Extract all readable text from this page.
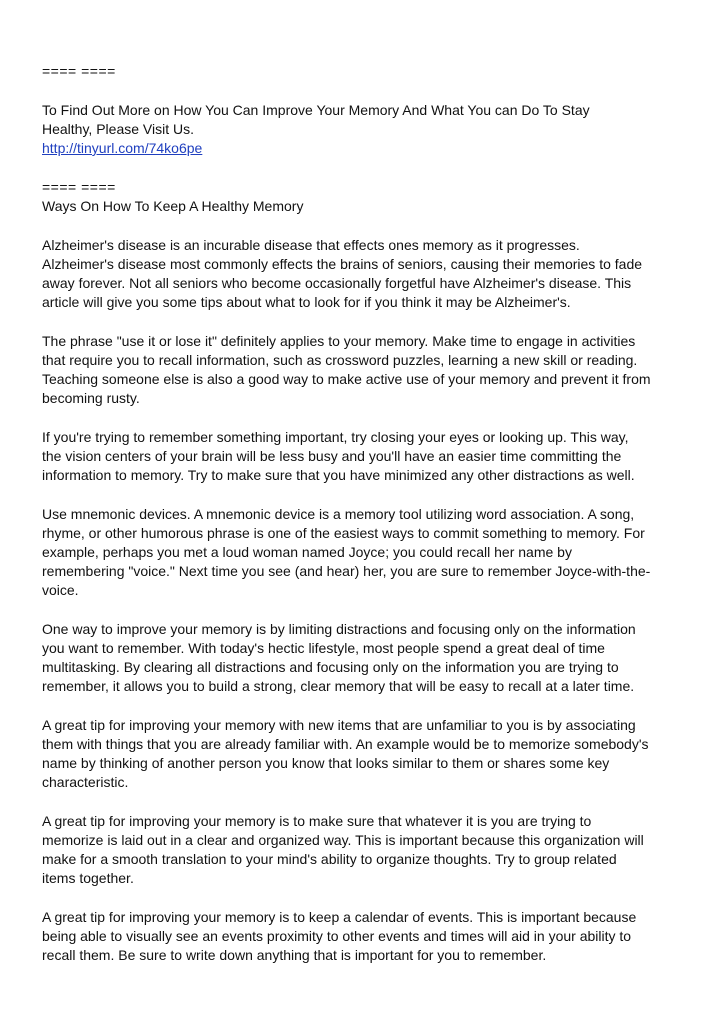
==== ====
To Find Out More on How You Can Improve Your Memory And What You can Do To Stay
Healthy, Please Visit Us.
http://tinyurl.com/74ko6pe
==== ====
Ways On How To Keep A Healthy Memory
Alzheimer's disease is an incurable disease that effects ones memory as it progresses.
Alzheimer's disease most commonly effects the brains of seniors, causing their memories to fade
away forever. Not all seniors who become occasionally forgetful have Alzheimer's disease. This
article will give you some tips about what to look for if you think it may be Alzheimer's.
The phrase "use it or lose it" definitely applies to your memory. Make time to engage in activities
that require you to recall information, such as crossword puzzles, learning a new skill or reading.
Teaching someone else is also a good way to make active use of your memory and prevent it from
becoming rusty.
If you're trying to remember something important, try closing your eyes or looking up. This way,
the vision centers of your brain will be less busy and you'll have an easier time committing the
information to memory. Try to make sure that you have minimized any other distractions as well.
Use mnemonic devices. A mnemonic device is a memory tool utilizing word association. A song,
rhyme, or other humorous phrase is one of the easiest ways to commit something to memory. For
example, perhaps you met a loud woman named Joyce; you could recall her name by
remembering "voice." Next time you see (and hear) her, you are sure to remember Joyce-with-the-
voice.
One way to improve your memory is by limiting distractions and focusing only on the information
you want to remember. With today's hectic lifestyle, most people spend a great deal of time
multitasking. By clearing all distractions and focusing only on the information you are trying to
remember, it allows you to build a strong, clear memory that will be easy to recall at a later time.
A great tip for improving your memory with new items that are unfamiliar to you is by associating
them with things that you are already familiar with. An example would be to memorize somebody's
name by thinking of another person you know that looks similar to them or shares some key
characteristic.
A great tip for improving your memory is to make sure that whatever it is you are trying to
memorize is laid out in a clear and organized way. This is important because this organization will
make for a smooth translation to your mind's ability to organize thoughts. Try to group related
items together.
A great tip for improving your memory is to keep a calendar of events. This is important because
being able to visually see an events proximity to other events and times will aid in your ability to
recall them. Be sure to write down anything that is important for you to remember.
